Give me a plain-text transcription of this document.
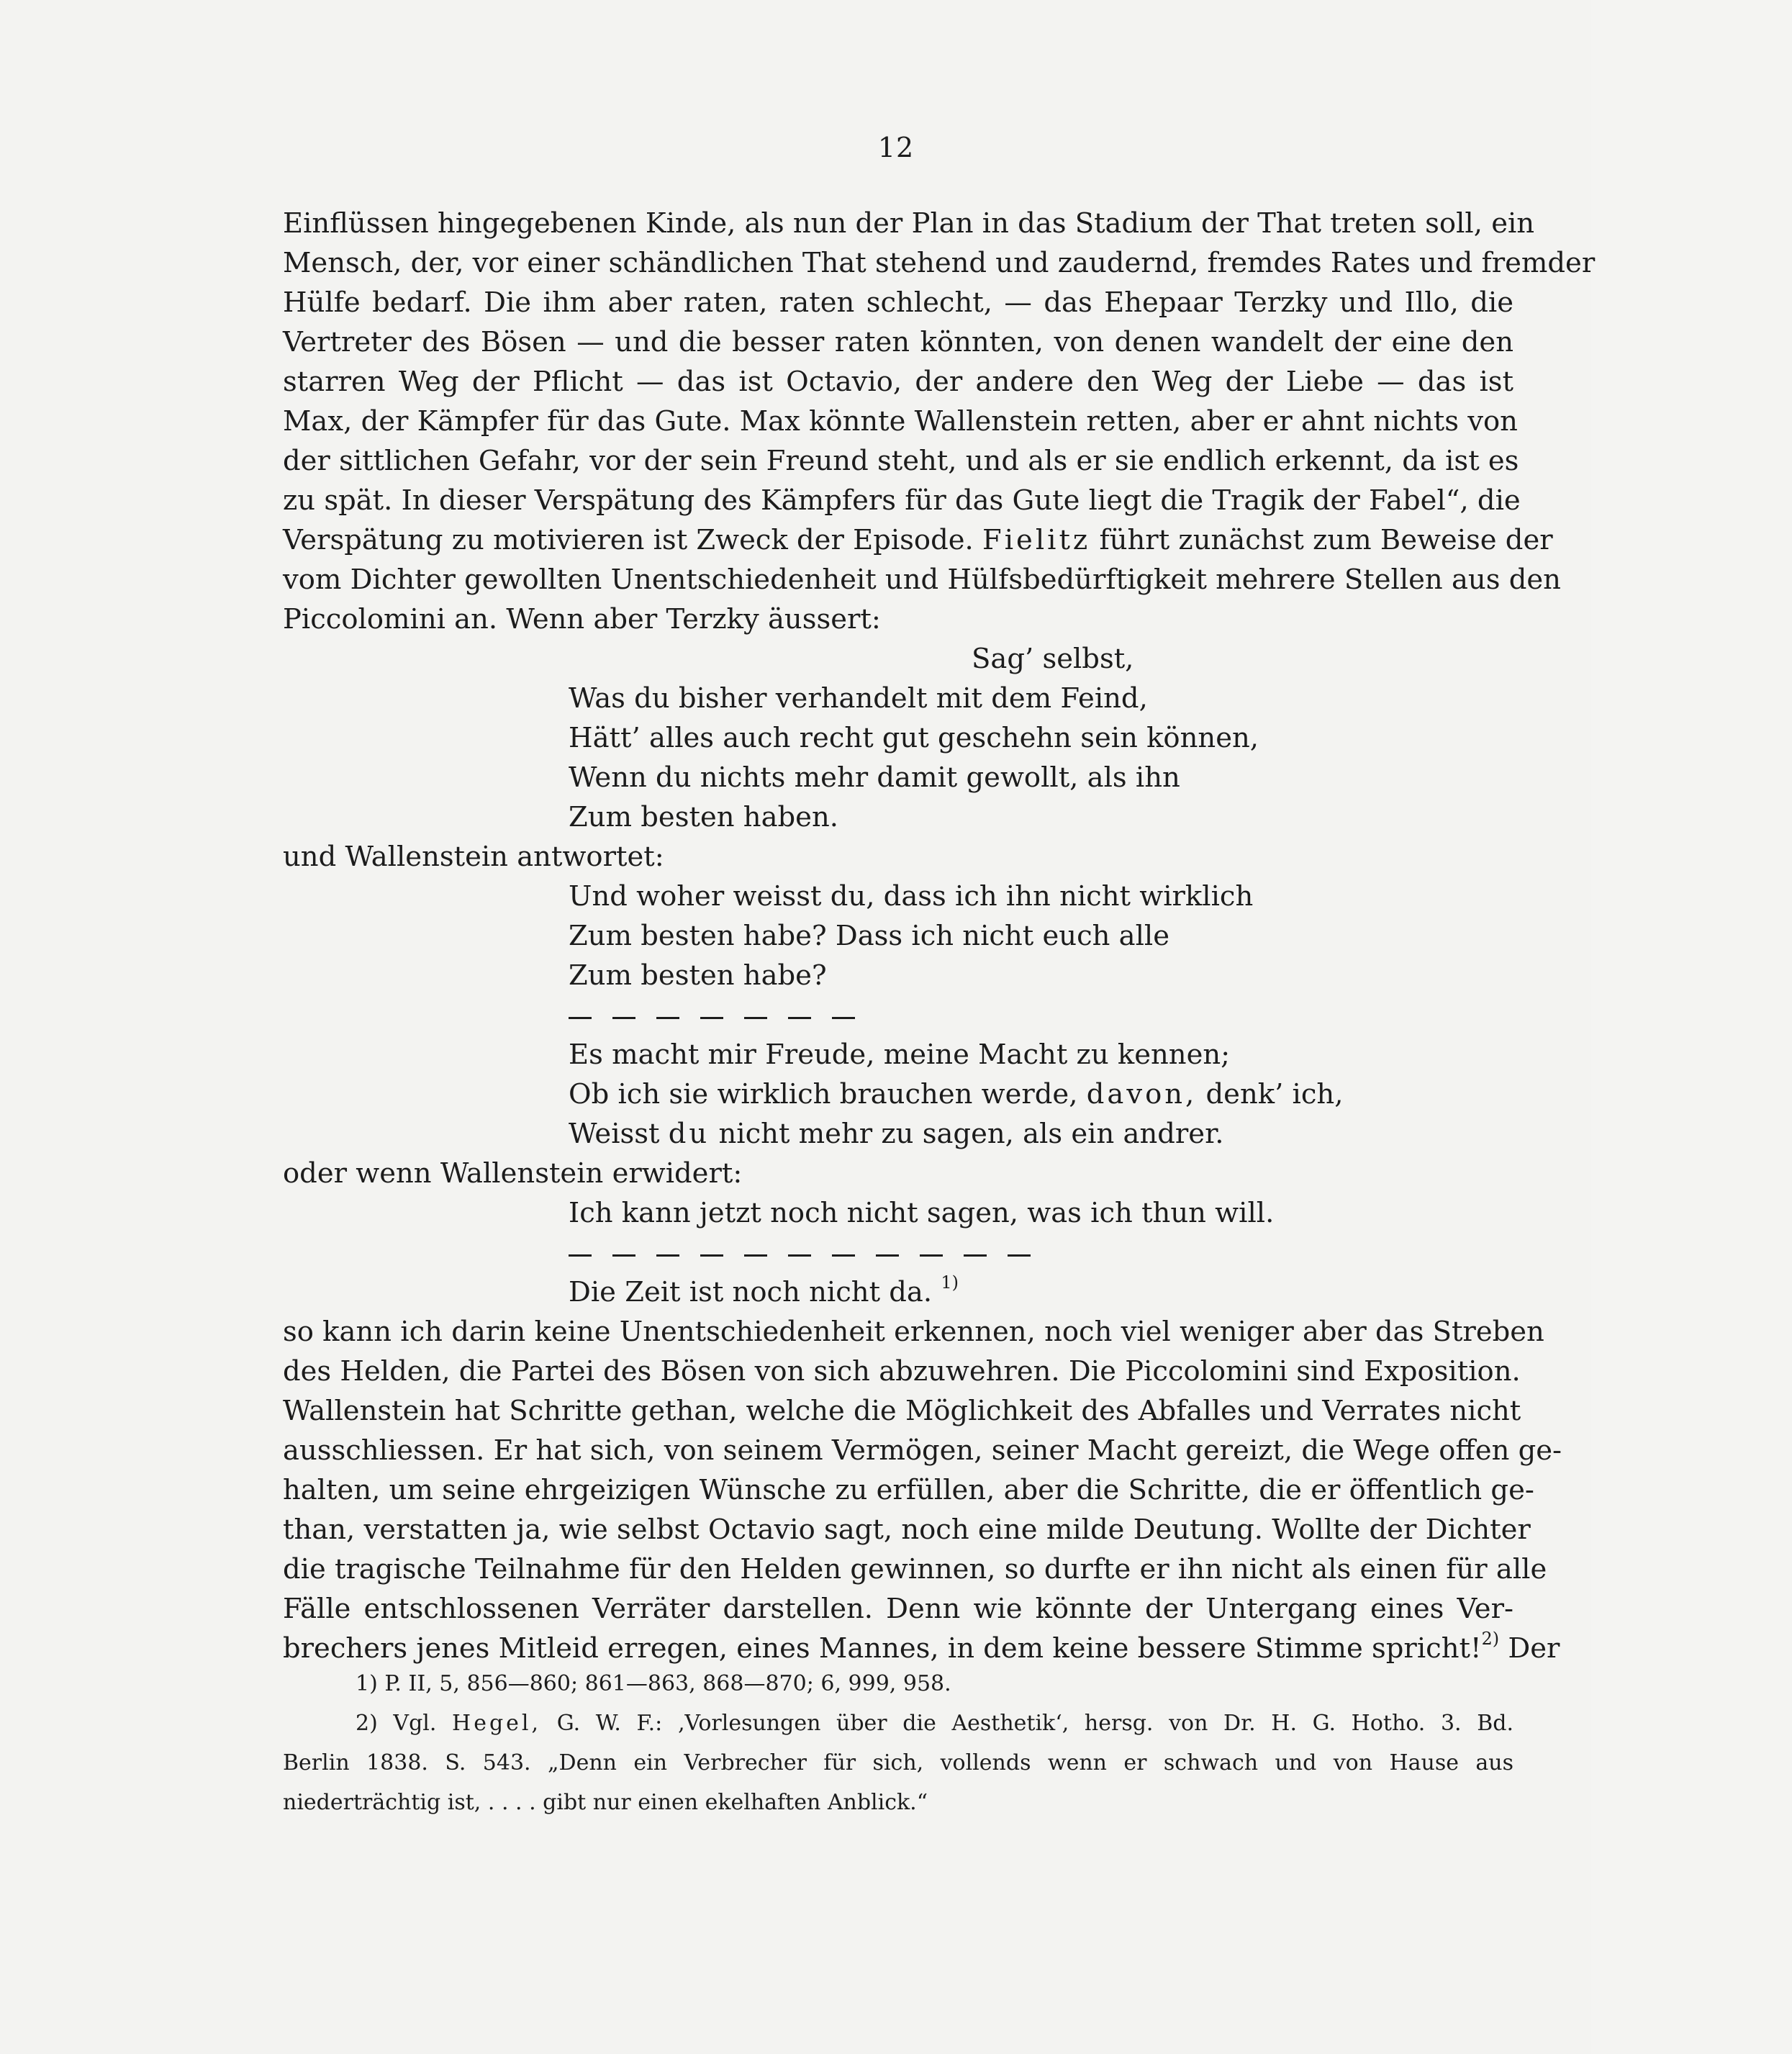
12
Einflüssen hingegebenen Kinde, als nun der Plan in das Stadium der That treten soll, ein
Mensch, der, vor einer schändlichen That stehend und zaudernd, fremdes Rates und fremder
Hülfe bedarf. Die ihm aber raten, raten schlecht, — das Ehepaar Terzky und Illo, die
Vertreter des Bösen — und die besser raten könnten, von denen wandelt der eine den
starren Weg der Pflicht — das ist Octavio, der andere den Weg der Liebe — das ist
Max, der Kämpfer für das Gute. Max könnte Wallenstein retten, aber er ahnt nichts von
der sittlichen Gefahr, vor der sein Freund steht, und als er sie endlich erkennt, da ist es
zu spät. In dieser Verspätung des Kämpfers für das Gute liegt die Tragik der Fabel“, die
Verspätung zu motivieren ist Zweck der Episode. Fielitz führt zunächst zum Beweise der
vom Dichter gewollten Unentschiedenheit und Hülfsbedürftigkeit mehrere Stellen aus den
Piccolomini an. Wenn aber Terzky äussert:
Sag’ selbst,
Was du bisher verhandelt mit dem Feind,
Hätt’ alles auch recht gut geschehn sein können,
Wenn du nichts mehr damit gewollt, als ihn
Zum besten haben.
und Wallenstein antwortet:
Und woher weisst du, dass ich ihn nicht wirklich
Zum besten habe? Dass ich nicht euch alle
Zum besten habe?
Es macht mir Freude, meine Macht zu kennen;
Ob ich sie wirklich brauchen werde, davon, denk’ ich,
Weisst du nicht mehr zu sagen, als ein andrer.
oder wenn Wallenstein erwidert:
Ich kann jetzt noch nicht sagen, was ich thun will.
Die Zeit ist noch nicht da. $^{1)}$
so kann ich darin keine Unentschiedenheit erkennen, noch viel weniger aber das Streben
des Helden, die Partei des Bösen von sich abzuwehren. Die Piccolomini sind Exposition.
Wallenstein hat Schritte gethan, welche die Möglichkeit des Abfalles und Verrates nicht
ausschliessen. Er hat sich, von seinem Vermögen, seiner Macht gereizt, die Wege offen ge-
halten, um seine ehrgeizigen Wünsche zu erfüllen, aber die Schritte, die er öffentlich ge-
than, verstatten ja, wie selbst Octavio sagt, noch eine milde Deutung. Wollte der Dichter
die tragische Teilnahme für den Helden gewinnen, so durfte er ihn nicht als einen für alle
Fälle entschlossenen Verräter darstellen. Denn wie könnte der Untergang eines Ver-
brechers jenes Mitleid erregen, eines Mannes, in dem keine bessere Stimme spricht!$^{2)}$ Der
1) P. II, 5, 856—860; 861—863, 868—870; 6, 999, 958.
2) Vgl. Hegel, G. W. F.: ‚Vorlesungen über die Aesthetik‘, hersg. von Dr. H. G. Hotho. 3. Bd.
Berlin 1838. S. 543. „Denn ein Verbrecher für sich, vollends wenn er schwach und von Hause aus
niederträchtig ist, . . . . gibt nur einen ekelhaften Anblick.“
